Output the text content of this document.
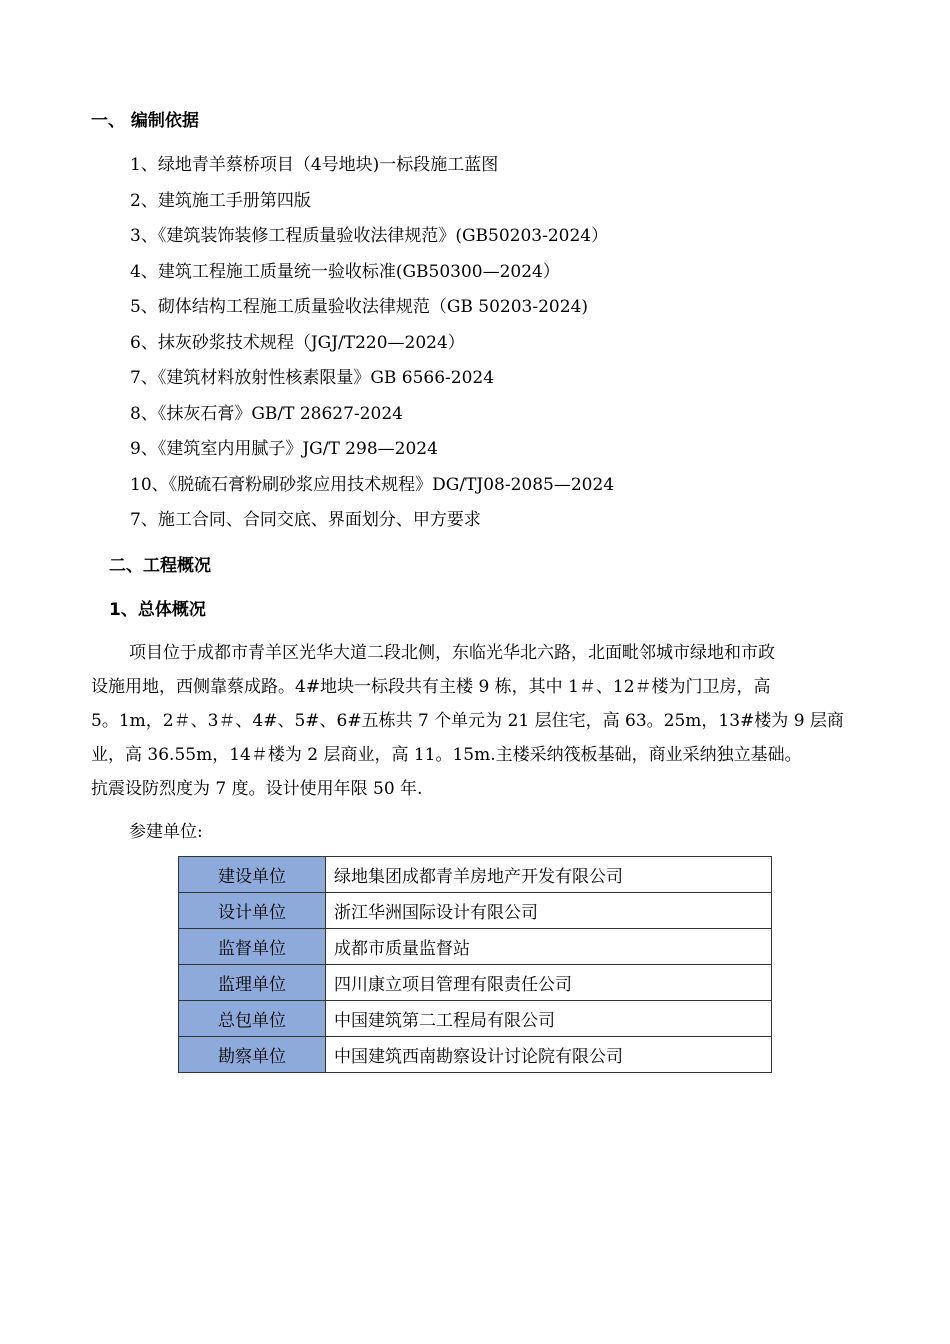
一、 编制依据
1、绿地青羊蔡桥项目（4号地块)一标段施工蓝图
2、建筑施工手册第四版
3、《建筑装饰装修工程质量验收法律规范》(GB50203-2024）
4、建筑工程施工质量统一验收标准(GB50300—2024）
5、砌体结构工程施工质量验收法律规范（GB 50203-2024)
6、抹灰砂浆技术规程（JGJ/T220—2024）
7、《建筑材料放射性核素限量》GB 6566-2024
8、《抹灰石膏》GB/T 28627-2024
9、《建筑室内用腻子》JG/T 298—2024
10、《脱硫石膏粉刷砂浆应用技术规程》DG/TJ08-2085—2024
7、施工合同、合同交底、界面划分、甲方要求
二、工程概况
1、总体概况
项目位于成都市青羊区光华大道二段北侧，东临光华北六路，北面毗邻城市绿地和市政
设施用地，西侧靠蔡成路。4#地块一标段共有主楼 9 栋，其中 1＃、12＃楼为门卫房，高
5。1m，2＃、3＃、4#、5#、6#五栋共 7 个单元为 21 层住宅，高 63。25m，13#楼为 9 层商
业，高 36.55m，14＃楼为 2 层商业，高 11。15m.主楼采纳筏板基础，商业采纳独立基础。
抗震设防烈度为 7 度。设计使用年限 50 年.
参建单位:
建设单位	绿地集团成都青羊房地产开发有限公司
设计单位	浙江华洲国际设计有限公司
监督单位	成都市质量监督站
监理单位	四川康立项目管理有限责任公司
总包单位	中国建筑第二工程局有限公司
勘察单位	中国建筑西南勘察设计讨论院有限公司
